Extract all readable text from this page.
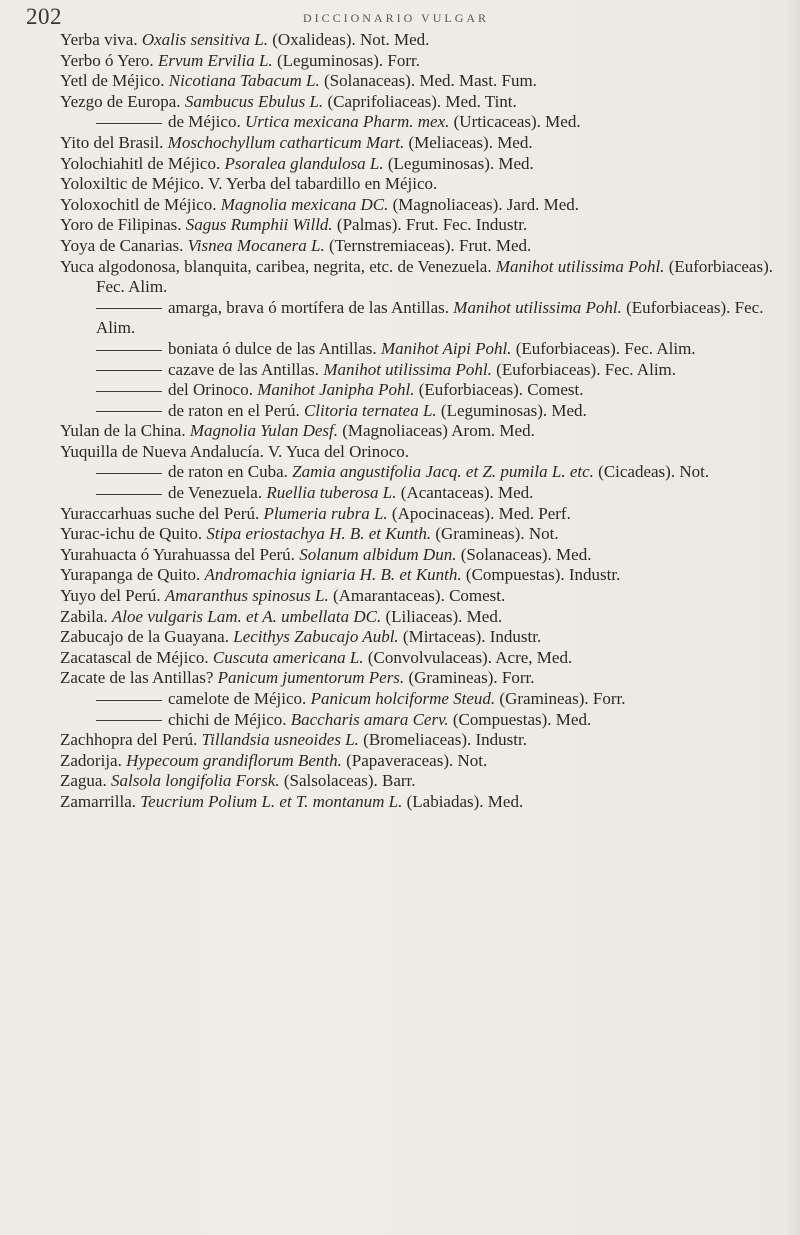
202	DICCIONARIO VULGAR
Yerba viva. Oxalis sensitiva L. (Oxalideas). Not. Med.
Yerbo ó Yero. Ervum Ervilia L. (Leguminosas). Forr.
Yetl de Méjico. Nicotiana Tabacum L. (Solanaceas). Med. Mast. Fum.
Yezgo de Europa. Sambucus Ebulus L. (Caprifoliaceas). Med. Tint.
de Méjico. Urtica mexicana Pharm. mex. (Urticaceas). Med.
Yito del Brasil. Moschochyllum catharticum Mart. (Meliaceas). Med.
Yolochiahitl de Méjico. Psoralea glandulosa L. (Leguminosas). Med.
Yoloxiltic de Méjico. V. Yerba del tabardillo en Méjico.
Yoloxochitl de Méjico. Magnolia mexicana DC. (Magnoliaceas). Jard. Med.
Yoro de Filipinas. Sagus Rumphii Willd. (Palmas). Frut. Fec. Industr.
Yoya de Canarias. Visnea Mocanera L. (Ternstremiaceas). Frut. Med.
Yuca algodonosa, blanquita, caribea, negrita, etc. de Venezuela. Manihot utilissima Pohl. (Euforbiaceas). Fec. Alim.
amarga, brava ó mortífera de las Antillas. Manihot utilissima Pohl. (Euforbiaceas). Fec. Alim.
boniata ó dulce de las Antillas. Manihot Aipi Pohl. (Euforbiaceas). Fec. Alim.
cazave de las Antillas. Manihot utilissima Pohl. (Euforbiaceas). Fec. Alim.
del Orinoco. Manihot Janipha Pohl. (Euforbiaceas). Comest.
de raton en el Perú. Clitoria ternatea L. (Leguminosas). Med.
Yulan de la China. Magnolia Yulan Desf. (Magnoliaceas) Arom. Med.
Yuquilla de Nueva Andalucía. V. Yuca del Orinoco.
de raton en Cuba. Zamia angustifolia Jacq. et Z. pumila L. etc. (Cicadeas). Not.
de Venezuela. Ruellia tuberosa L. (Acantaceas). Med.
Yuraccarhuas suche del Perú. Plumeria rubra L. (Apocinaceas). Med. Perf.
Yurac-ichu de Quito. Stipa eriostachya H. B. et Kunth. (Gramineas). Not.
Yurahuacta ó Yurahuassa del Perú. Solanum albidum Dun. (Solanaceas). Med.
Yurapanga de Quito. Andromachia igniaria H. B. et Kunth. (Compuestas). Industr.
Yuyo del Perú. Amaranthus spinosus L. (Amarantaceas). Comest.
Zabila. Aloe vulgaris Lam. et A. umbellata DC. (Liliaceas). Med.
Zabucajo de la Guayana. Lecithys Zabucajo Aubl. (Mirtaceas). Industr.
Zacatascal de Méjico. Cuscuta americana L. (Convolvulaceas). Acre, Med.
Zacate de las Antillas? Panicum jumentorum Pers. (Gramineas). Forr.
camelote de Méjico. Panicum holciforme Steud. (Gramineas). Forr.
chichi de Méjico. Baccharis amara Cerv. (Compuestas). Med.
Zachhopra del Perú. Tillandsia usneoides L. (Bromeliaceas). Industr.
Zadorija. Hypecoum grandiflorum Benth. (Papaveraceas). Not.
Zagua. Salsola longifolia Forsk. (Salsolaceas). Barr.
Zamarrilla. Teucrium Polium L. et T. montanum L. (Labiadas). Med.
